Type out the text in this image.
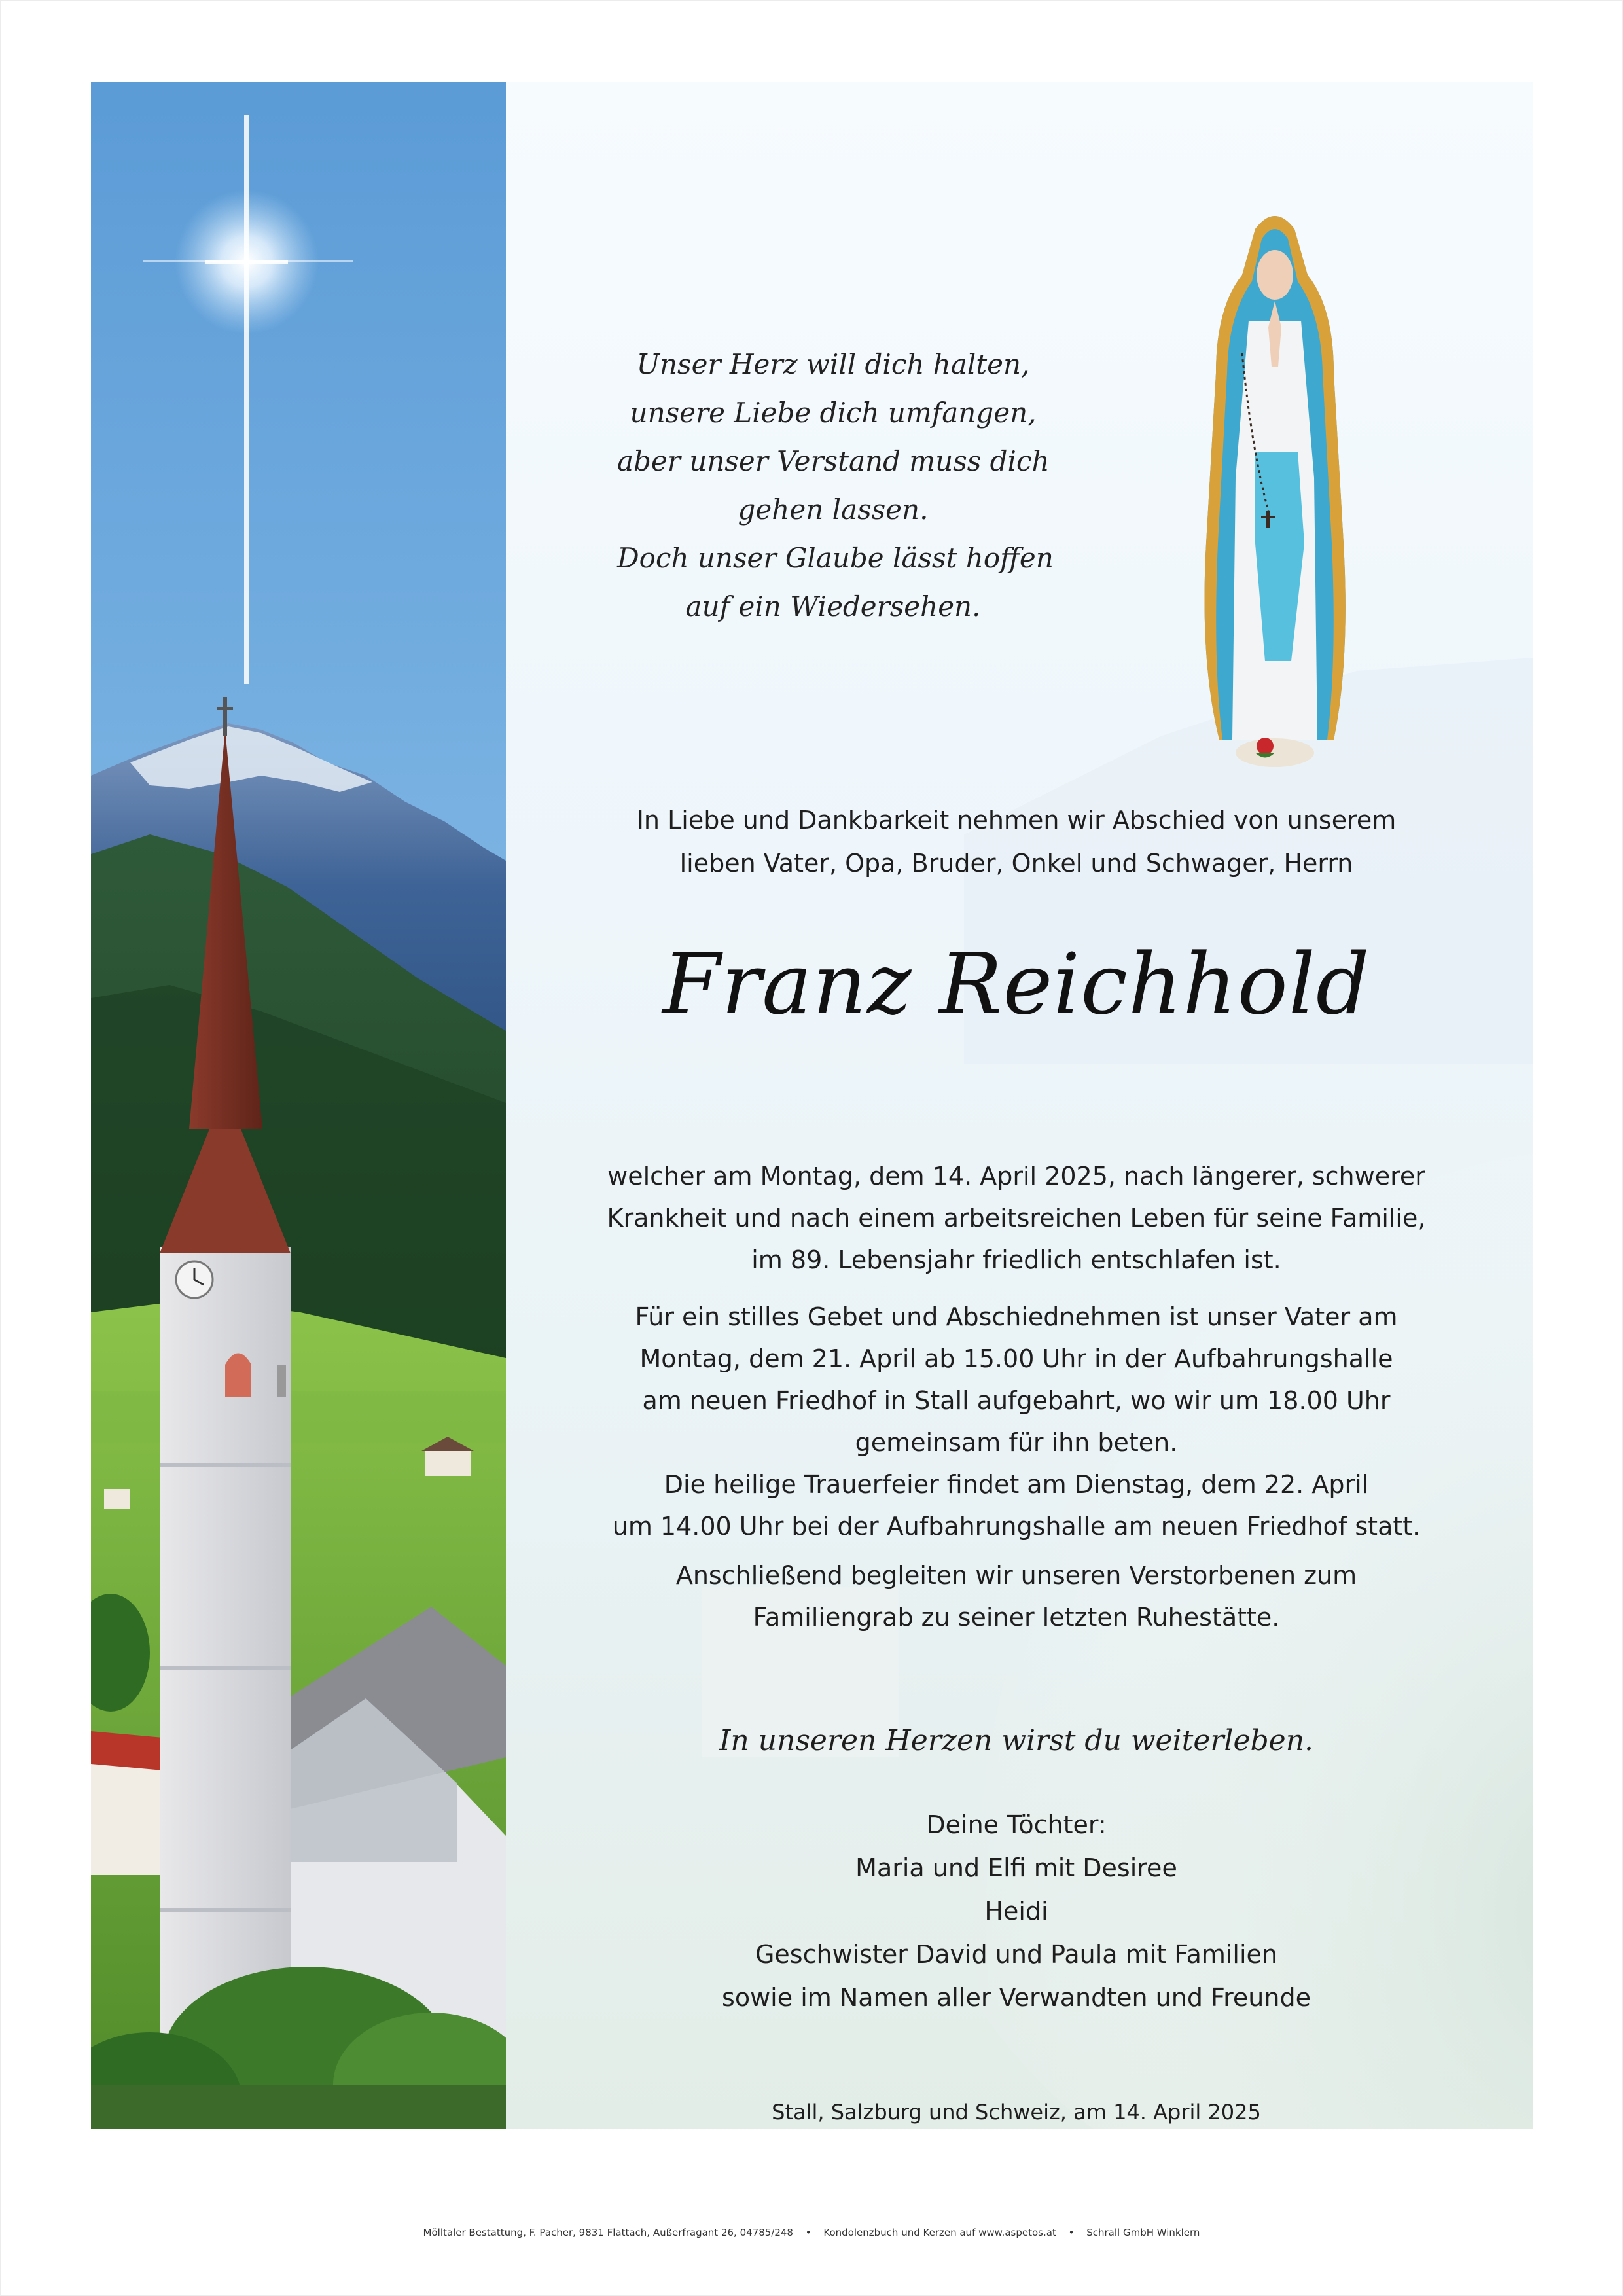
Unser Herz will dich halten,
unsere Liebe dich umfangen,
aber unser Verstand muss dich
gehen lassen.
Doch unser Glaube lässt hoffen
auf ein Wiedersehen.
In Liebe und Dankbarkeit nehmen wir Abschied von unserem
lieben Vater, Opa, Bruder, Onkel und Schwager, Herrn
Franz Reichhold
welcher am Montag, dem 14. April 2025, nach längerer, schwerer
Krankheit und nach einem arbeitsreichen Leben für seine Familie,
im 89. Lebensjahr friedlich entschlafen ist.
Für ein stilles Gebet und Abschiednehmen ist unser Vater am
Montag, dem 21. April ab 15.00 Uhr in der Aufbahrungshalle
am neuen Friedhof in Stall aufgebahrt, wo wir um 18.00 Uhr
gemeinsam für ihn beten.
Die heilige Trauerfeier findet am Dienstag, dem 22. April
um 14.00 Uhr bei der Aufbahrungshalle am neuen Friedhof statt.
Anschließend begleiten wir unseren Verstorbenen zum
Familiengrab zu seiner letzten Ruhestätte.
In unseren Herzen wirst du weiterleben.
Deine Töchter:
Maria und Elfi mit Desiree
Heidi
Geschwister David und Paula mit Familien
sowie im Namen aller Verwandten und Freunde
Stall, Salzburg und Schweiz, am 14. April 2025
Mölltaler Bestattung, F. Pacher, 9831 Flattach, Außerfragant 26, 04785/248 • Kondolenzbuch und Kerzen auf www.aspetos.at • Schrall GmbH Winklern
